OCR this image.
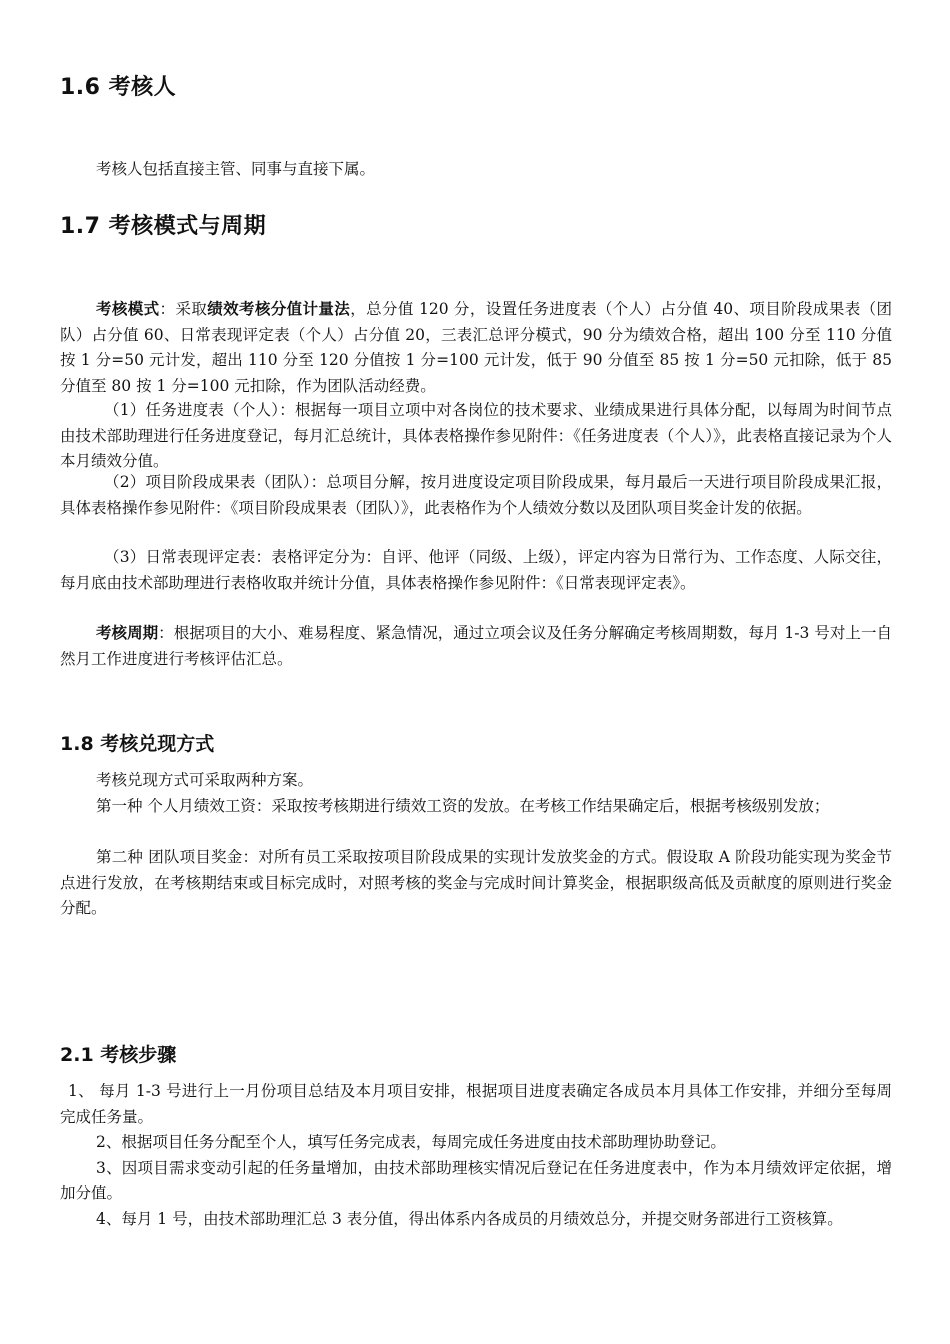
1.6 考核人
考核人包括直接主管、同事与直接下属。
1.7 考核模式与周期
考核模式：采取绩效考核分值计量法，总分值 120 分，设置任务进度表（个人）占分值 40、项目阶段成果表（团队）占分值 60、日常表现评定表（个人）占分值 20，三表汇总评分模式，90 分为绩效合格，超出 100 分至 110 分值按 1 分=50 元计发，超出 110 分至 120 分值按 1 分=100 元计发，低于 90 分值至 85 按 1 分=50 元扣除，低于 85 分值至 80 按 1 分=100 元扣除，作为团队活动经费。
（1）任务进度表（个人）：根据每一项目立项中对各岗位的技术要求、业绩成果进行具体分配，以每周为时间节点由技术部助理进行任务进度登记，每月汇总统计，具体表格操作参见附件：《任务进度表（个人）》，此表格直接记录为个人本月绩效分值。
（2）项目阶段成果表（团队）：总项目分解，按月进度设定项目阶段成果，每月最后一天进行项目阶段成果汇报，具体表格操作参见附件：《项目阶段成果表（团队）》，此表格作为个人绩效分数以及团队项目奖金计发的依据。
（3）日常表现评定表：表格评定分为：自评、他评（同级、上级），评定内容为日常行为、工作态度、人际交往，每月底由技术部助理进行表格收取并统计分值，具体表格操作参见附件：《日常表现评定表》。
考核周期：根据项目的大小、难易程度、紧急情况，通过立项会议及任务分解确定考核周期数，每月 1-3 号对上一自然月工作进度进行考核评估汇总。
1.8 考核兑现方式
考核兑现方式可采取两种方案。
第一种 个人月绩效工资：采取按考核期进行绩效工资的发放。在考核工作结果确定后，根据考核级别发放；
第二种 团队项目奖金：对所有员工采取按项目阶段成果的实现计发放奖金的方式。假设取 A 阶段功能实现为奖金节点进行发放，在考核期结束或目标完成时，对照考核的奖金与完成时间计算奖金，根据职级高低及贡献度的原则进行奖金分配。
2.1 考核步骤
1、 每月 1-3 号进行上一月份项目总结及本月项目安排，根据项目进度表确定各成员本月具体工作安排，并细分至每周完成任务量。
2、根据项目任务分配至个人，填写任务完成表，每周完成任务进度由技术部助理协助登记。
3、因项目需求变动引起的任务量增加，由技术部助理核实情况后登记在任务进度表中，作为本月绩效评定依据，增加分值。
4、每月 1 号，由技术部助理汇总 3 表分值，得出体系内各成员的月绩效总分，并提交财务部进行工资核算。
